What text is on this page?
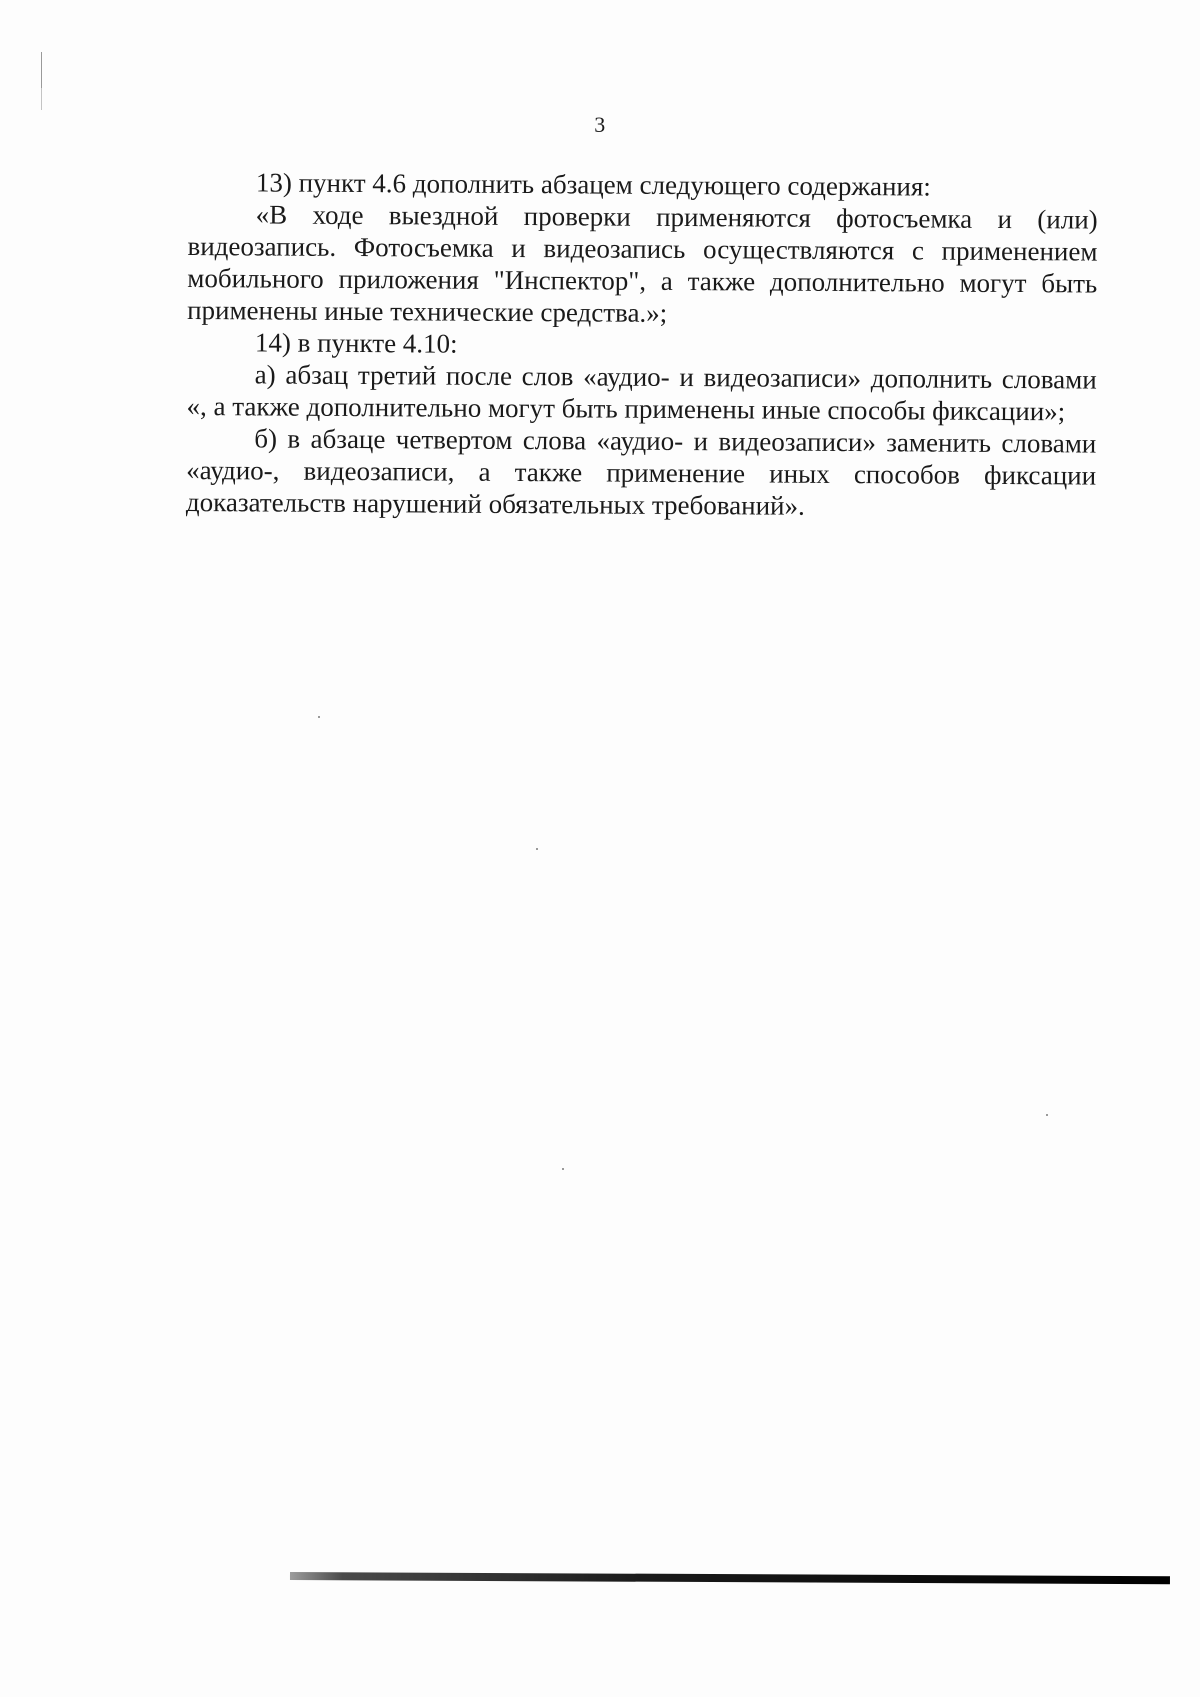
3

13) пункт 4.6 дополнить абзацем следующего содержания:

«В ходе выездной проверки применяются фотосъемка и (или) видеозапись. Фотосъемка и видеозапись осуществляются с применением мобильного приложения "Инспектор", а также дополнительно могут быть применены иные технические средства.»;

14) в пункте 4.10:

а) абзац третий после слов «аудио- и видеозаписи» дополнить словами «, а также дополнительно могут быть применены иные способы фиксации»;

б) в абзаце четвертом слова «аудио- и видеозаписи» заменить словами «аудио-, видеозаписи, а также применение иных способов фиксации доказательств нарушений обязательных требований».
